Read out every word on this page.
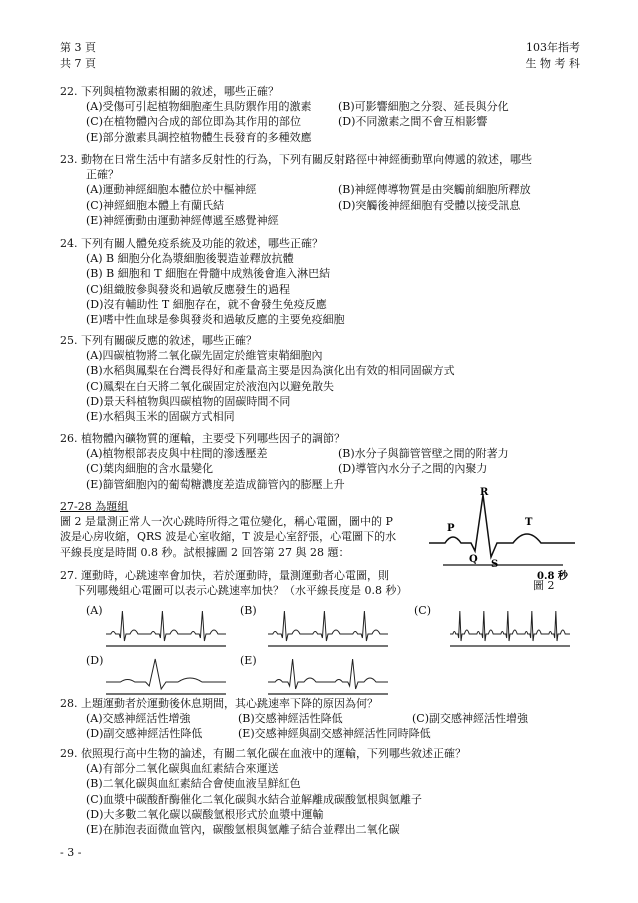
第 3 頁
共 7 頁
103年指考
生 物 考 科
22. 下列與植物激素相關的敘述，哪些正確？
(A)受傷可引起植物細胞產生具防禦作用的激素	(B)可影響細胞之分裂、延長與分化
(C)在植物體內合成的部位即為其作用的部位	(D)不同激素之間不會互相影響
(E)部分激素具調控植物體生長發育的多種效應
23. 動物在日常生活中有諸多反射性的行為，下列有關反射路徑中神經衝動單向傳遞的敘述，哪些
正確？
(A)運動神經細胞本體位於中樞神經	(B)神經傳導物質是由突觸前細胞所釋放
(C)神經細胞本體上有蘭氏結	(D)突觸後神經細胞有受體以接受訊息
(E)神經衝動由運動神經傳遞至感覺神經
24. 下列有關人體免疫系統及功能的敘述，哪些正確？
(A) B 細胞分化為漿細胞後製造並釋放抗體
(B) B 細胞和 T 細胞在骨髓中成熟後會進入淋巴結
(C)組織胺參與發炎和過敏反應發生的過程
(D)沒有輔助性 T 細胞存在，就不會發生免疫反應
(E)嗜中性血球是參與發炎和過敏反應的主要免疫細胞
25. 下列有關碳反應的敘述，哪些正確？
(A)四碳植物將二氧化碳先固定於維管束鞘細胞內
(B)水稻與鳳梨在台灣長得好和產量高主要是因為演化出有效的相同固碳方式
(C)鳳梨在白天將二氧化碳固定於液泡內以避免散失
(D)景天科植物與四碳植物的固碳時間不同
(E)水稻與玉米的固碳方式相同
26. 植物體內礦物質的運輸，主要受下列哪些因子的調節？
(A)植物根部表皮與中柱間的滲透壓差	(B)水分子與篩管管壁之間的附著力
(C)葉肉細胞的含水量變化	(D)導管內水分子之間的內聚力
(E)篩管細胞內的葡萄糖濃度差造成篩管內的膨壓上升
27-28 為題組
圖 2 是量測正常人一次心跳時所得之電位變化，稱心電圖，圖中的 P
波是心房收縮，QRS 波是心室收縮，T 波是心室舒張，心電圖下的水
平線長度是時間 0.8 秒。試根據圖 2 回答第 27 與 28 題：
R
P
T
Q S
0.8 秒
圖 2
27. 運動時，心跳速率會加快，若於運動時，量測運動者心電圖，則
下列哪幾組心電圖可以表示心跳速率加快？（水平線長度是 0.8 秒）
(A)	(B)	(C)
(D)	(E)
28. 上題運動者於運動後休息期間，其心跳速率下降的原因為何？
(A)交感神經活性增強	(B)交感神經活性降低	(C)副交感神經活性增強
(D)副交感神經活性降低	(E)交感神經與副交感神經活性同時降低
29. 依照現行高中生物的論述，有關二氧化碳在血液中的運輸，下列哪些敘述正確？
(A)有部分二氧化碳與血紅素結合來運送
(B)二氧化碳與血紅素結合會使血液呈鮮紅色
(C)血漿中碳酸酐酶催化二氧化碳與水結合並解離成碳酸氫根與氫離子
(D)大多數二氧化碳以碳酸氫根形式於血漿中運輸
(E)在肺泡表面微血管內，碳酸氫根與氫離子結合並釋出二氧化碳
- 3 -
